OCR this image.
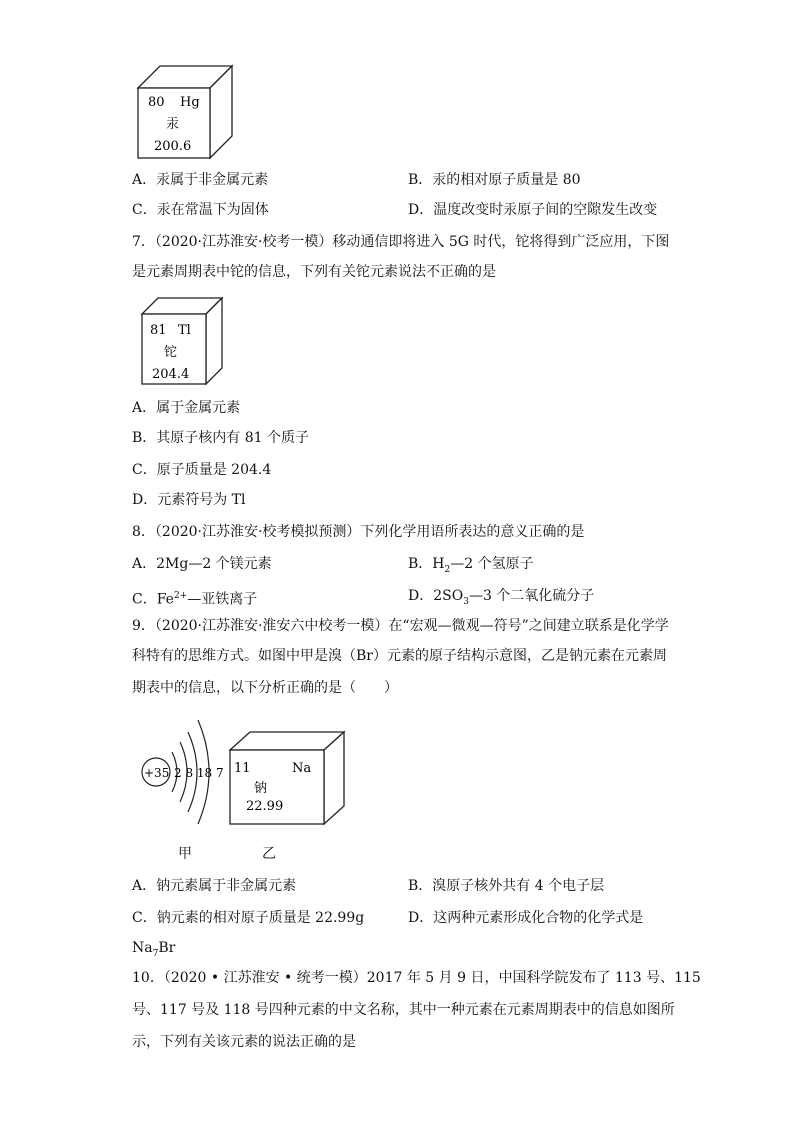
80 Hg
汞
200.6
A．汞属于非金属元素	B．汞的相对原子质量是 80
C．汞在常温下为固体	D．温度改变时汞原子间的空隙发生改变
7．（2020·江苏淮安·校考一模）移动通信即将进入 5G 时代，铊将得到广泛应用，下图
是元素周期表中铊的信息，下列有关铊元素说法不正确的是
81 Tl
铊
204.4
A．属于金属元素
B．其原子核内有 81 个质子
C．原子质量是 204.4
D．元素符号为 Tl
8．（2020·江苏淮安·校考模拟预测）下列化学用语所表达的意义正确的是
A．2Mg—2 个镁元素	B．$H_2—2$ 个氢原子
C．$Fe^{2+}—$亚铁离子	D．$2SO_3—3$ 个二氧化硫分子
9．（2020·江苏淮安·淮安六中校考一模）在“宏观—微观—符号”之间建立联系是化学学
科特有的思维方式。如图中甲是溴（Br）元素的原子结构示意图，乙是钠元素在元素周
期表中的信息，以下分析正确的是（　　）
+35 2 8 18 7 11	Na
钠
22.99
甲	乙
A．钠元素属于非金属元素	B．溴原子核外共有 4 个电子层
C．钠元素的相对原子质量是 22.99g	D．这两种元素形成化合物的化学式是
$Na_7Br$
10．（2020 • 江苏淮安 • 统考一模）2017 年 5 月 9 日，中国科学院发布了 113 号、115
号、117 号及 118 号四种元素的中文名称，其中一种元素在元素周期表中的信息如图所
示，下列有关该元素的说法正确的是
